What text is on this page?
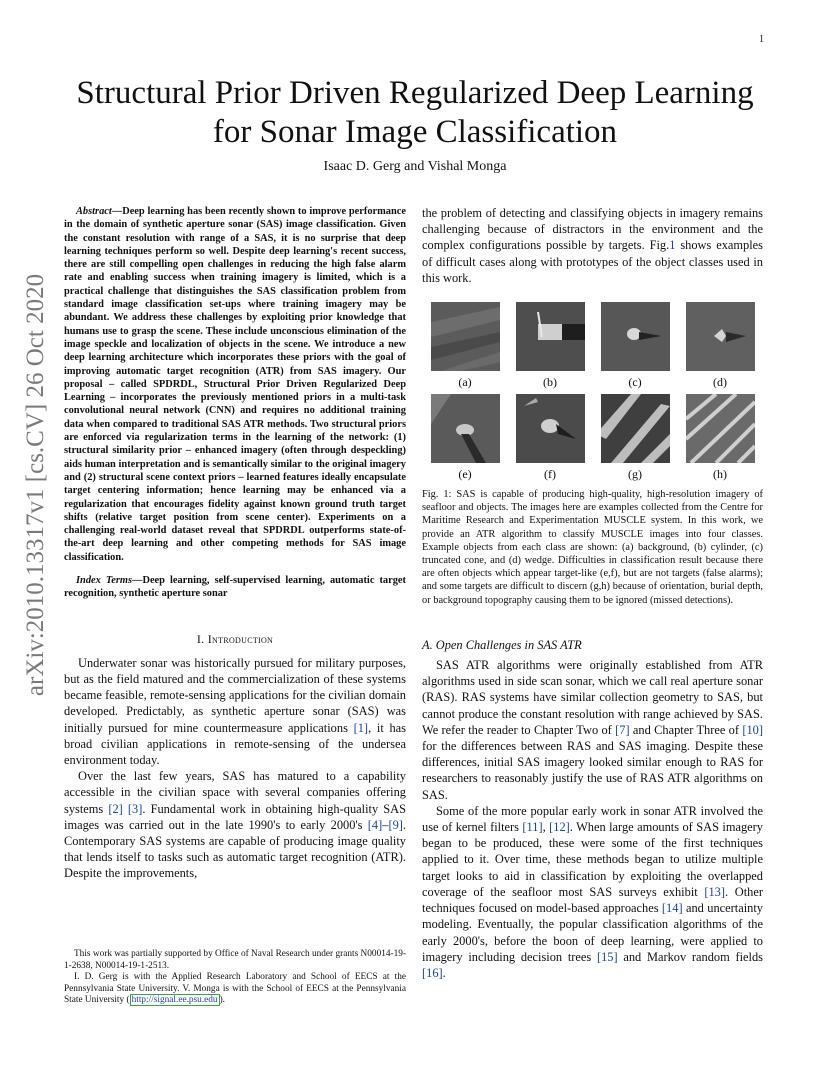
1
arXiv:2010.13317v1 [cs.CV] 26 Oct 2020
Structural Prior Driven Regularized Deep Learning
for Sonar Image Classification
Isaac D. Gerg and Vishal Monga

Abstract—Deep learning has been recently shown to improve performance in the domain of synthetic aperture sonar (SAS) image classification. Given the constant resolution with range of a SAS, it is no surprise that deep learning techniques perform so well. Despite deep learning's recent success, there are still compelling open challenges in reducing the high false alarm rate and enabling success when training imagery is limited, which is a practical challenge that distinguishes the SAS classification problem from standard image classification set-ups where training imagery may be abundant. We address these challenges by exploiting prior knowledge that humans use to grasp the scene. These include unconscious elimination of the image speckle and localization of objects in the scene. We introduce a new deep learning architecture which incorporates these priors with the goal of improving automatic target recognition (ATR) from SAS imagery. Our proposal – called SPDRDL, Structural Prior Driven Regularized Deep Learning – incorporates the previously mentioned priors in a multi-task convolutional neural network (CNN) and requires no additional training data when compared to traditional SAS ATR methods. Two structural priors are enforced via regularization terms in the learning of the network: (1) structural similarity prior – enhanced imagery (often through despeckling) aids human interpretation and is semantically similar to the original imagery and (2) structural scene context priors – learned features ideally encapsulate target centering information; hence learning may be enhanced via a regularization that encourages fidelity against known ground truth target shifts (relative target position from scene center). Experiments on a challenging real-world dataset reveal that SPDRDL outperforms state-of-the-art deep learning and other competing methods for SAS image classification.

Index Terms—Deep learning, self-supervised learning, automatic target recognition, synthetic aperture sonar

I. Introduction

Underwater sonar was historically pursued for military purposes, but as the field matured and the commercialization of these systems became feasible, remote-sensing applications for the civilian domain developed. Predictably, as synthetic aperture sonar (SAS) was initially pursued for mine countermeasure applications [1], it has broad civilian applications in remote-sensing of the undersea environment today.

Over the last few years, SAS has matured to a capability accessible in the civilian space with several companies offering systems [2] [3]. Fundamental work in obtaining high-quality SAS images was carried out in the late 1990's to early 2000's [4]–[9]. Contemporary SAS systems are capable of producing image quality that lends itself to tasks such as automatic target recognition (ATR). Despite the improvements,

This work was partially supported by Office of Naval Research under grants N00014-19-1-2638, N00014-19-1-2513.

I. D. Gerg is with the Applied Research Laboratory and School of EECS at the Pennsylvania State University. V. Monga is with the School of EECS at the Pennsylvania State University ( http://signal.ee.psu.edu ).

the problem of detecting and classifying objects in imagery remains challenging because of distractors in the environment and the complex configurations possible by targets. Fig.1 shows examples of difficult cases along with prototypes of the object classes used in this work.

(a)	(b)	(c)	(d)
(e)	(f)	(g)	(h)
Fig. 1: SAS is capable of producing high-quality, high-resolution imagery of seafloor and objects. The images here are examples collected from the Centre for Maritime Research and Experimentation MUSCLE system. In this work, we provide an ATR algorithm to classify MUSCLE images into four classes. Example objects from each class are shown: (a) background, (b) cylinder, (c) truncated cone, and (d) wedge. Difficulties in classification result because there are often objects which appear target-like (e,f), but are not targets (false alarms); and some targets are difficult to discern (g,h) because of orientation, burial depth, or background topography causing them to be ignored (missed detections).
A. Open Challenges in SAS ATR

SAS ATR algorithms were originally established from ATR algorithms used in side scan sonar, which we call real aperture sonar (RAS). RAS systems have similar collection geometry to SAS, but cannot produce the constant resolution with range achieved by SAS. We refer the reader to Chapter Two of [7] and Chapter Three of [10] for the differences between RAS and SAS imaging. Despite these differences, initial SAS imagery looked similar enough to RAS for researchers to reasonably justify the use of RAS ATR algorithms on SAS.

Some of the more popular early work in sonar ATR involved the use of kernel filters [11], [12]. When large amounts of SAS imagery began to be produced, these were some of the first techniques applied to it. Over time, these methods began to utilize multiple target looks to aid in classification by exploiting the overlapped coverage of the seafloor most SAS surveys exhibit [13]. Other techniques focused on model-based approaches [14] and uncertainty modeling. Eventually, the popular classification algorithms of the early 2000's, before the boon of deep learning, were applied to imagery including decision trees [15] and Markov random fields [16].
